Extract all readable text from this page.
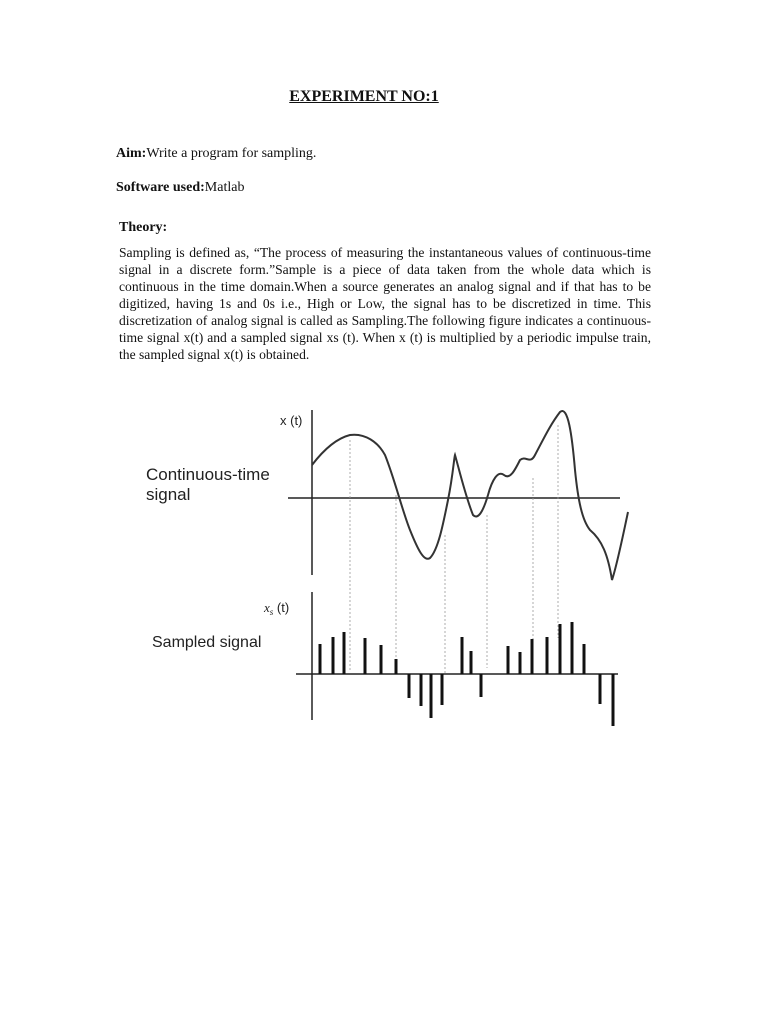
EXPERIMENT NO:1
Aim:Write a program for sampling.
Software used:Matlab
Theory:

Sampling is defined as, “The process of measuring the instantaneous values of continuous-time signal in a discrete form.”Sample is a piece of data taken from the whole data which is continuous in the time domain.When a source generates an analog signal and if that has to be digitized, having 1s and 0s i.e., High or Low, the signal has to be discretized in time. This discretization of analog signal is called as Sampling.The following figure indicates a continuous-time signal x(t) and a sampled signal xs (t). When x (t) is multiplied by a periodic impulse train, the sampled signal x(t) is obtained.

Continuous-time
signal
x (t)
Sampled signal
$x_s$ (t)
